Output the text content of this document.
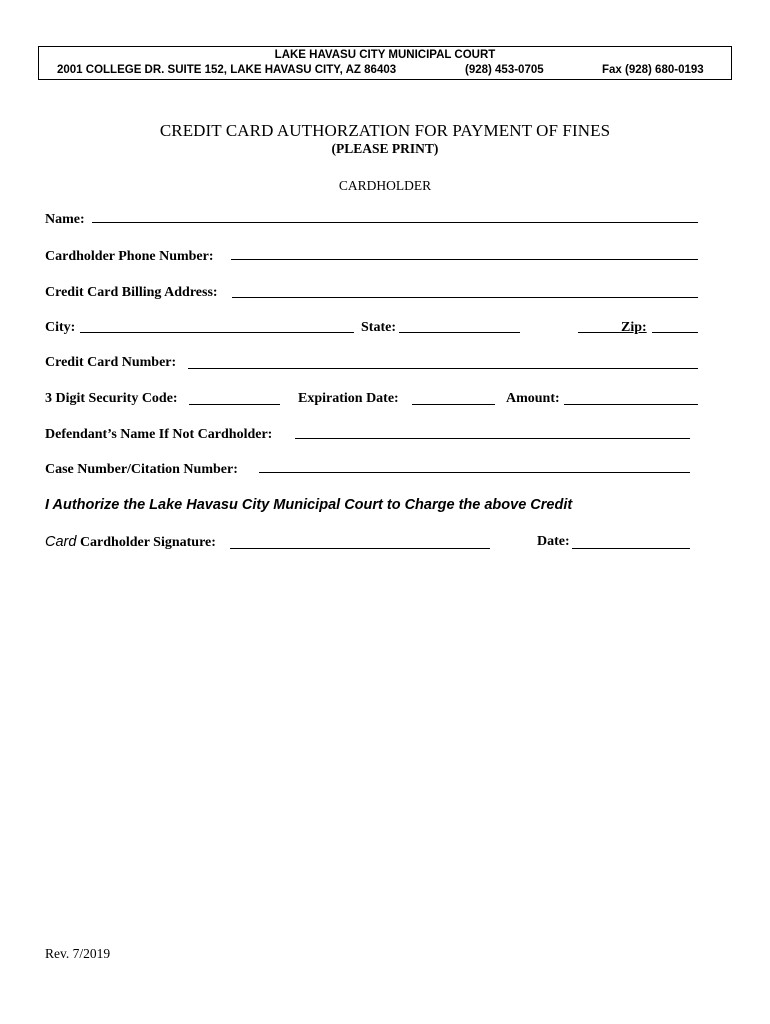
LAKE HAVASU CITY MUNICIPAL COURT
2001 COLLEGE DR. SUITE 152, LAKE HAVASU CITY, AZ 86403	(928) 453-0705	Fax (928) 680-0193
CREDIT CARD AUTHORZATION FOR PAYMENT OF FINES
(PLEASE PRINT)
CARDHOLDER
Name:
Cardholder Phone Number:
Credit Card Billing Address:
City:	State:	Zip:
Credit Card Number:
3 Digit Security Code:	Expiration Date:	Amount:
Defendant’s Name If Not Cardholder:
Case Number/Citation Number:
I Authorize the Lake Havasu City Municipal Court to Charge the above Credit
Card Cardholder Signature:	Date:
Rev. 7/2019
